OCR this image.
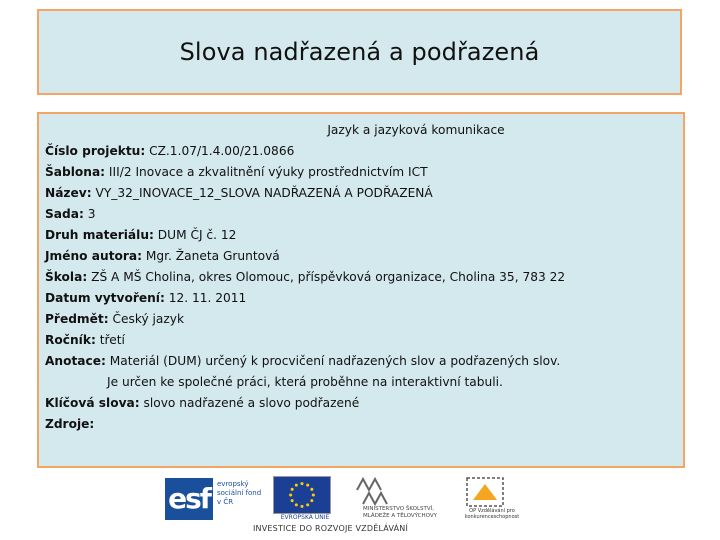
Slova nadřazená a podřazená
Jazyk a jazyková komunikace
Číslo projektu: CZ.1.07/1.4.00/21.0866
Šablona: III/2 Inovace a zkvalitnění výuky prostřednictvím ICT
Název: VY_32_INOVACE_12_SLOVA NADŘAZENÁ A PODŘAZENÁ
Sada: 3
Druh materiálu: DUM ČJ č. 12
Jméno autora: Mgr. Žaneta Gruntová
Škola: ZŠ A MŠ Cholina, okres Olomouc, příspěvková organizace, Cholina 35, 783 22
Datum vytvoření: 12. 11. 2011
Předmět: Český jazyk
Ročník: třetí
Anotace: Materiál (DUM) určený k procvičení nadřazených slov a podřazených slov.
Je určen ke společné práci, která proběhne na interaktivní tabuli.
Klíčová slova: slovo nadřazené a slovo podřazené
Zdroje:
esf	evropský sociální fond v ČR
EVROPSKÁ UNIE
MINISTERSTVO ŠKOLSTVÍ, MLÁDEŽE A TĚLOVÝCHOVY
OP Vzdělávání pro konkurenceschopnost
INVESTICE DO ROZVOJE VZDĚLÁVÁNÍ
